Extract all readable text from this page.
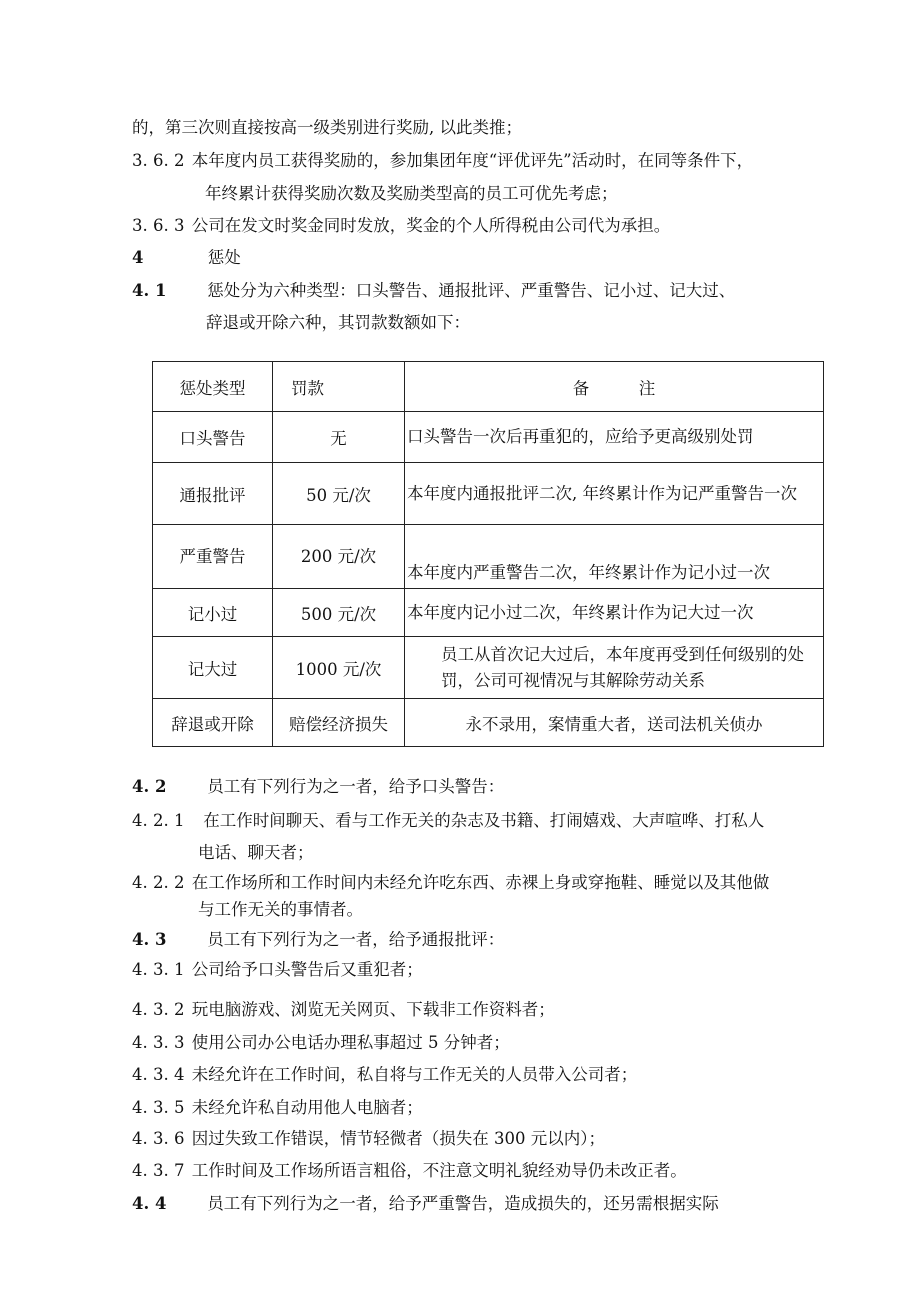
的，第三次则直接按高一级类别进行奖励, 以此类推；
3. 6. 2 本年度内员工获得奖励的，参加集团年度“评优评先”活动时，在同等条件下，
年终累计获得奖励次数及奖励类型高的员工可优先考虑；
3. 6. 3 公司在发文时奖金同时发放，奖金的个人所得税由公司代为承担。
4	惩处
4. 1 惩处分为六种类型：口头警告、通报批评、严重警告、记小过、记大过、
辞退或开除六种，其罚款数额如下：
惩处类型	罚款	备　　　注
口头警告	无	口头警告一次后再重犯的，应给予更高级别处罚
通报批评	50 元/次	本年度内通报批评二次, 年终累计作为记严重警告一次
严重警告	200 元/次	本年度内严重警告二次，年终累计作为记小过一次
记小过	500 元/次	本年度内记小过二次，年终累计作为记大过一次
记大过	1000 元/次	员工从首次记大过后，本年度再受到任何级别的处罚，公司可视情况与其解除劳动关系
辞退或开除	赔偿经济损失	永不录用，案情重大者，送司法机关侦办
4. 2 员工有下列行为之一者，给予口头警告：
4. 2. 1 在工作时间聊天、看与工作无关的杂志及书籍、打闹嬉戏、大声喧哗、打私人
电话、聊天者；
4. 2. 2 在工作场所和工作时间内未经允许吃东西、赤裸上身或穿拖鞋、睡觉以及其他做
与工作无关的事情者。
4. 3 员工有下列行为之一者，给予通报批评：
4. 3. 1 公司给予口头警告后又重犯者；
4. 3. 2 玩电脑游戏、浏览无关网页、下载非工作资料者；
4. 3. 3 使用公司办公电话办理私事超过 5 分钟者；
4. 3. 4 未经允许在工作时间，私自将与工作无关的人员带入公司者；
4. 3. 5 未经允许私自动用他人电脑者；
4. 3. 6 因过失致工作错误，情节轻微者（损失在 300 元以内）；
4. 3. 7 工作时间及工作场所语言粗俗，不注意文明礼貌经劝导仍未改正者。
4. 4 员工有下列行为之一者，给予严重警告，造成损失的，还另需根据实际
